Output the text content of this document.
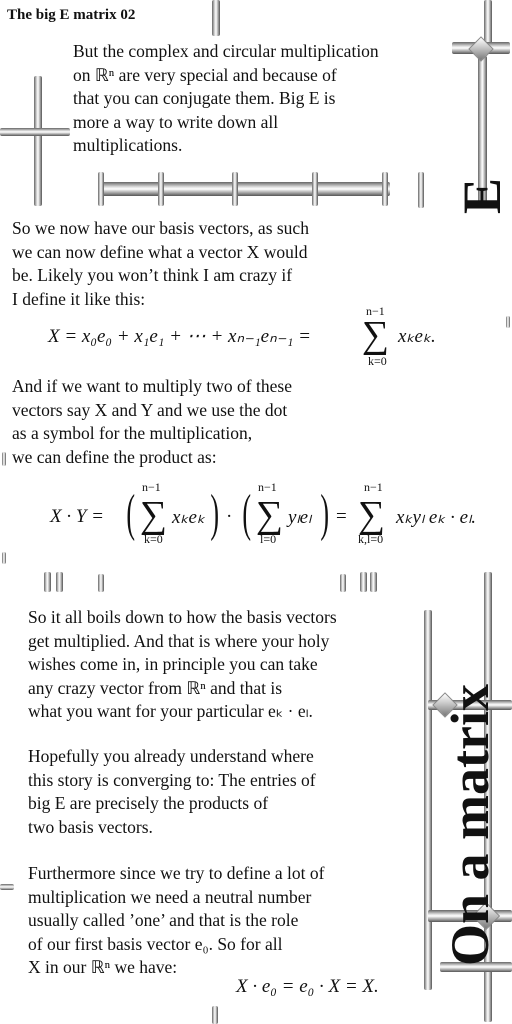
The big E matrix 02
But the complex and circular multiplication
on ℝⁿ are very special and because of
that you can conjugate them. Big E is
more a way to write down all
multiplications.
So we now have our basis vectors, as such
we can now define what a vector X would
be. Likely you won’t think I am crazy if
I define it like this:
X = x₀e₀ + x₁e₁ + ⋯ + xₙ₋₁eₙ₋₁ =
n−1
∑
k=0
xₖeₖ.
And if we want to multiply two of these
vectors say X and Y and we use the dot
as a symbol for the multiplication,
we can define the product as:
X · Y = ( n−1
∑
k=0
xₖeₖ ) · ( n−1
∑
l=0
yₗeₗ ) =
n−1
∑
k,l=0
xₖyₗ eₖ · eₗ.
On a matrix
E
So it all boils down to how the basis vectors
get multiplied. And that is where your holy
wishes come in, in principle you can take
any crazy vector from ℝⁿ and that is
what you want for your particular eₖ · eₗ.
Hopefully you already understand where
this story is converging to: The entries of
big E are precisely the products of
two basis vectors.
Furthermore since we try to define a lot of
multiplication we need a neutral number
usually called ’one’ and that is the role
of our first basis vector e₀. So for all
X in our ℝⁿ we have:
X · e₀ = e₀ · X = X.
